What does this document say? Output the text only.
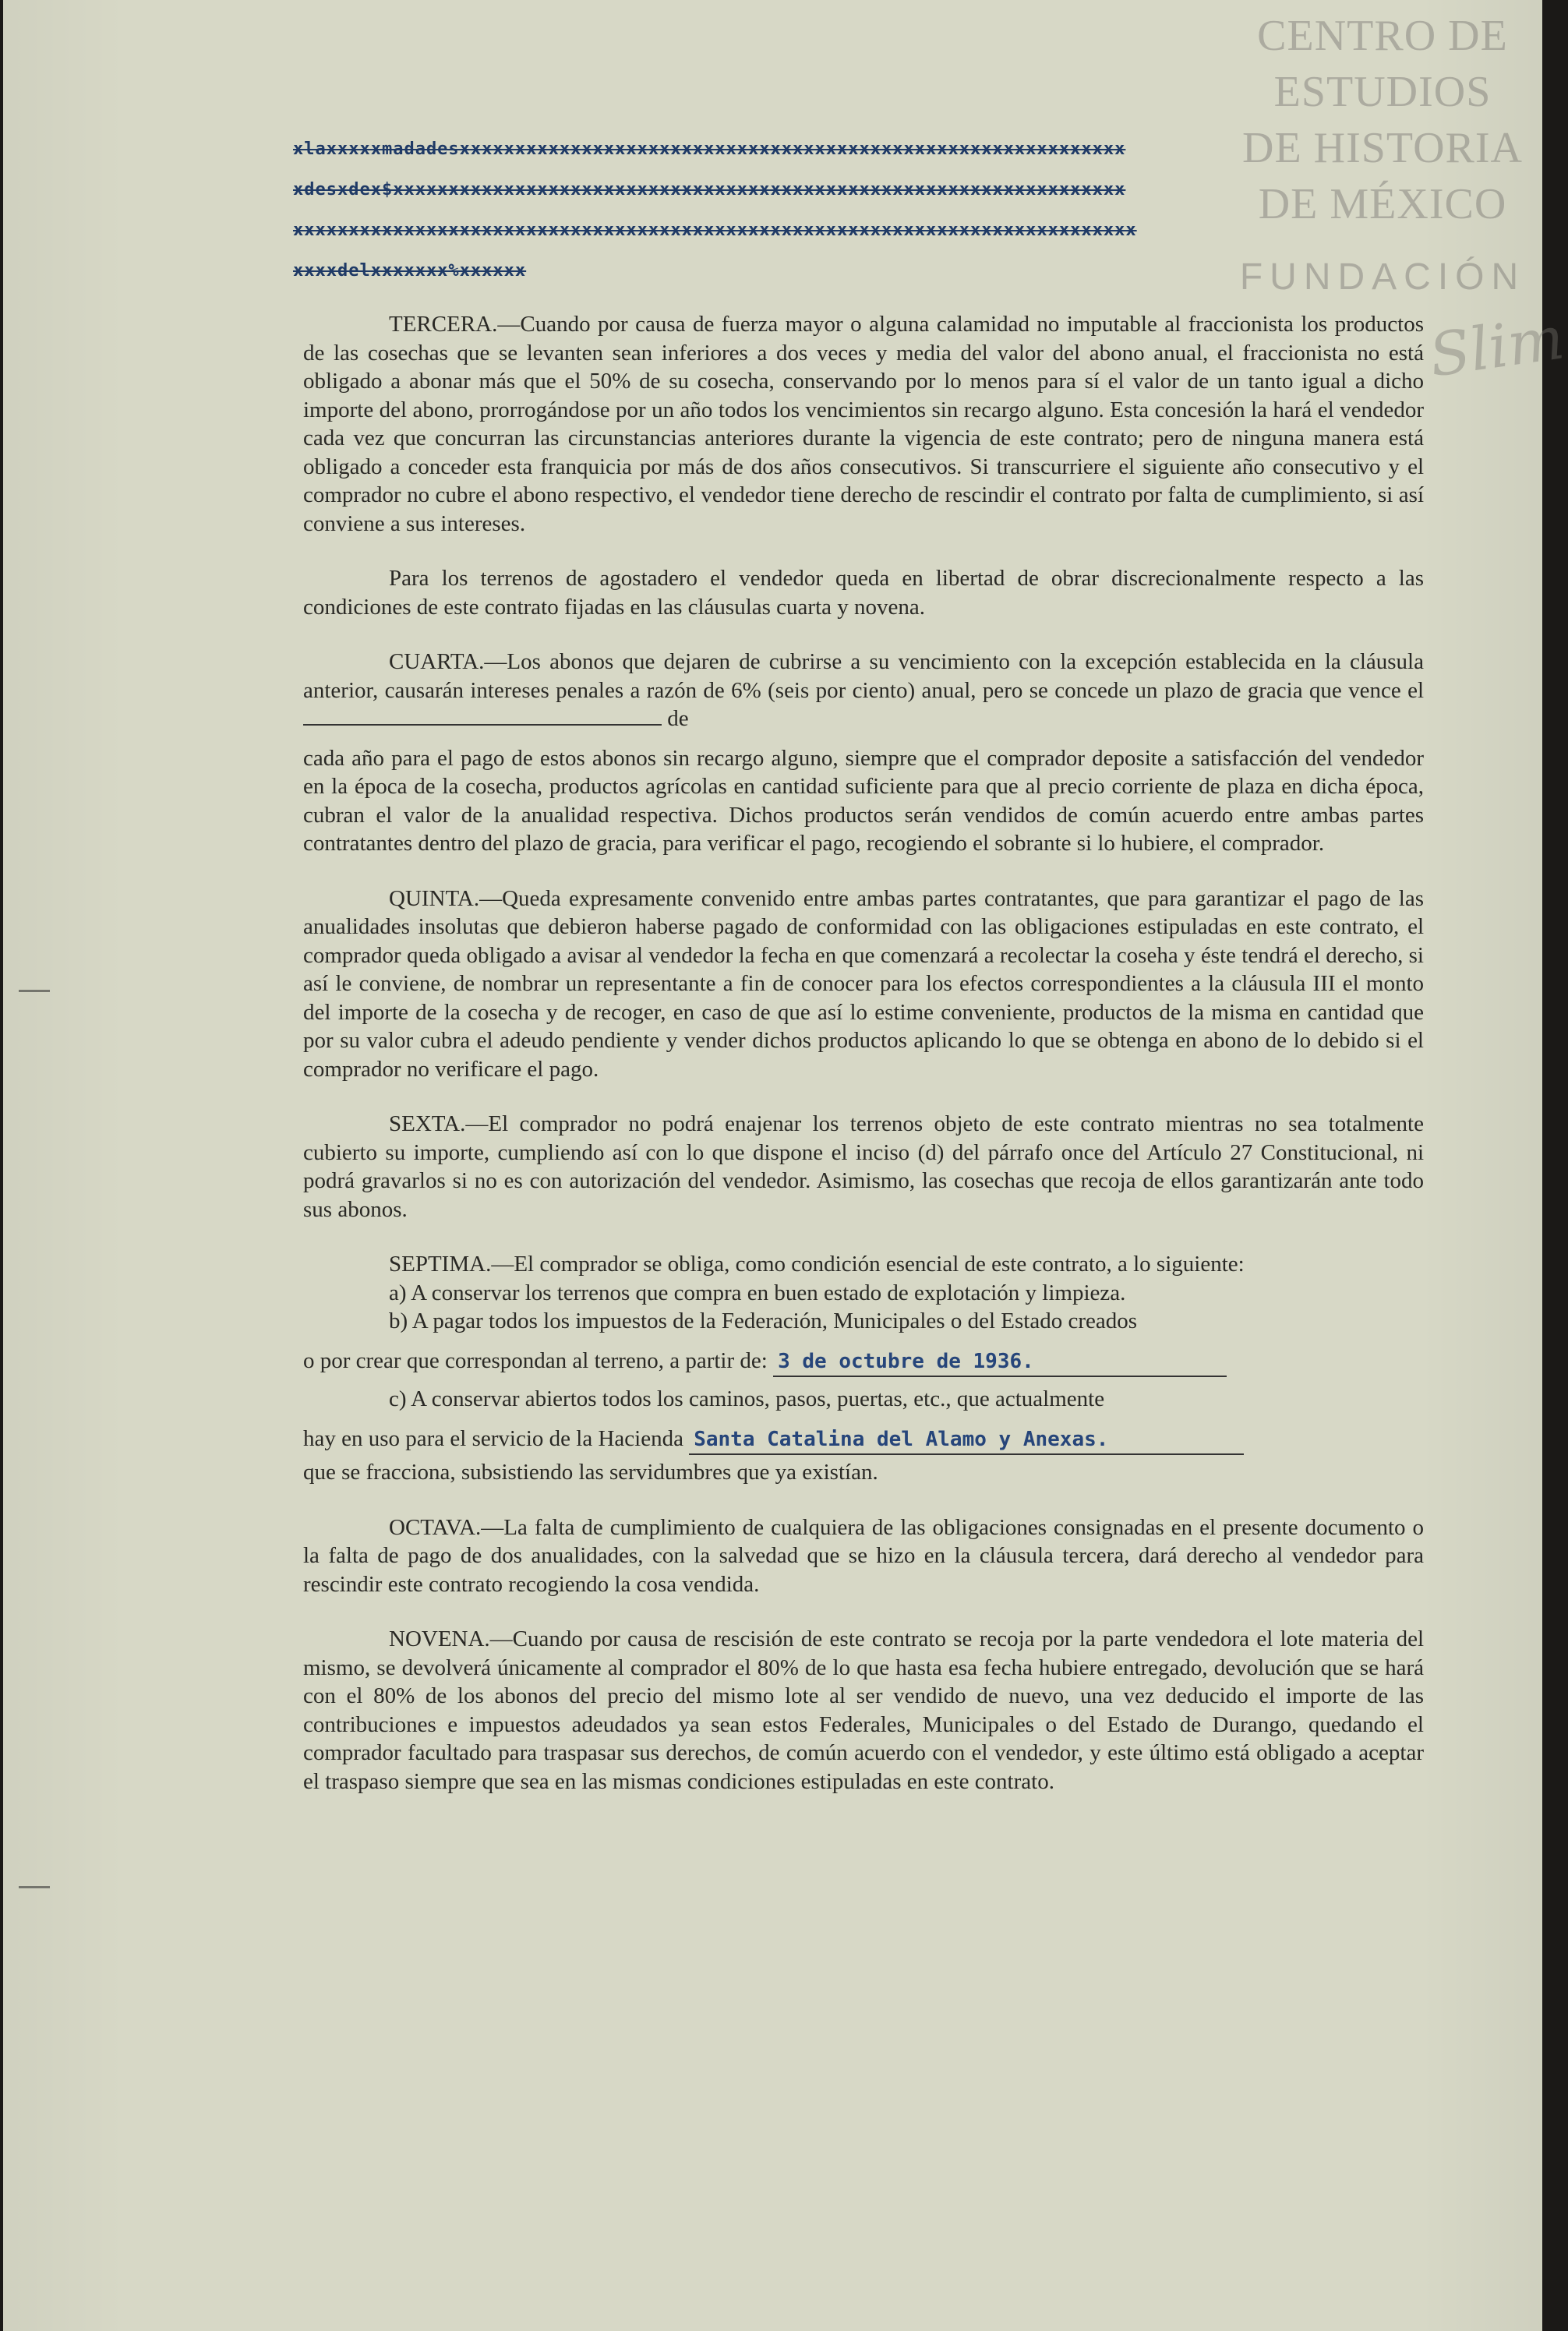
CENTRO DE
ESTUDIOS
DE HISTORIA
DE MÉXICO
FUNDACIÓN
Slim
xlaxxxxxmadadesxxxxxxxxxxxxxxxxxxxxxxxxxxxxxxxxxxxxxxxxxxxxxxxxxxxxxxxxxxxx
xdesxdex$xxxxxxxxxxxxxxxxxxxxxxxxxxxxxxxxxxxxxxxxxxxxxxxxxxxxxxxxxxxxxxxxxx
xxxxxxxxxxxxxxxxxxxxxxxxxxxxxxxxxxxxxxxxxxxxxxxxxxxxxxxxxxxxxxxxxxxxxxxxxxxx
xxxxdelxxxxxxx%xxxxxx

TERCERA.—Cuando por causa de fuerza mayor o alguna calamidad no imputable al fraccionista los productos de las cosechas que se levanten sean inferiores a dos veces y media del valor del abono anual, el fraccionista no está obligado a abonar más que el 50% de su cosecha, conservando por lo menos para sí el valor de un tanto igual a dicho importe del abono, prorrogándose por un año todos los vencimientos sin recargo alguno. Esta concesión la hará el vendedor cada vez que concurran las circunstancias anteriores durante la vigencia de este contrato; pero de ninguna manera está obligado a conceder esta franquicia por más de dos años consecutivos. Si transcurriere el siguiente año consecutivo y el comprador no cubre el abono respectivo, el vendedor tiene derecho de rescindir el contrato por falta de cumplimiento, si así conviene a sus intereses.

Para los terrenos de agostadero el vendedor queda en libertad de obrar discrecionalmente respecto a las condiciones de este contrato fijadas en las cláusulas cuarta y novena.

CUARTA.—Los abonos que dejaren de cubrirse a su vencimiento con la excepción establecida en la cláusula anterior, causarán intereses penales a razón de 6% (seis por ciento) anual, pero se concede un plazo de gracia que vence el  de

cada año para el pago de estos abonos sin recargo alguno, siempre que el comprador deposite a satisfacción del vendedor en la época de la cosecha, productos agrícolas en cantidad suficiente para que al precio corriente de plaza en dicha época, cubran el valor de la anualidad respectiva. Dichos productos serán vendidos de común acuerdo entre ambas partes contratantes dentro del plazo de gracia, para verificar el pago, recogiendo el sobrante si lo hubiere, el comprador.

QUINTA.—Queda expresamente convenido entre ambas partes contratantes, que para garantizar el pago de las anualidades insolutas que debieron haberse pagado de conformidad con las obligaciones estipuladas en este contrato, el comprador queda obligado a avisar al vendedor la fecha en que comenzará a recolectar la coseha y éste tendrá el derecho, si así le conviene, de nombrar un representante a fin de conocer para los efectos correspondientes a la cláusula III el monto del importe de la cosecha y de recoger, en caso de que así lo estime conveniente, productos de la misma en cantidad que por su valor cubra el adeudo pendiente y vender dichos productos aplicando lo que se obtenga en abono de lo debido si el comprador no verificare el pago.

SEXTA.—El comprador no podrá enajenar los terrenos objeto de este contrato mientras no sea totalmente cubierto su importe, cumpliendo así con lo que dispone el inciso (d) del párrafo once del Artículo 27 Constitucional, ni podrá gravarlos si no es con autorización del vendedor. Asimismo, las cosechas que recoja de ellos garantizarán ante todo sus abonos.

SEPTIMA.—El comprador se obliga, como condición esencial de este contrato, a lo siguiente:

a) A conservar los terrenos que compra en buen estado de explotación y limpieza.

b) A pagar todos los impuestos de la Federación, Municipales o del Estado creados

o por crear que correspondan al terreno, a partir de: 3 de octubre de 1936.

c) A conservar abiertos todos los caminos, pasos, puertas, etc., que actualmente

hay en uso para el servicio de la Hacienda Santa Catalina del Alamo y Anexas.

que se fracciona, subsistiendo las servidumbres que ya existían.

OCTAVA.—La falta de cumplimiento de cualquiera de las obligaciones consignadas en el presente documento o la falta de pago de dos anualidades, con la salvedad que se hizo en la cláusula tercera, dará derecho al vendedor para rescindir este contrato recogiendo la cosa vendida.

NOVENA.—Cuando por causa de rescisión de este contrato se recoja por la parte vendedora el lote materia del mismo, se devolverá únicamente al comprador el 80% de lo que hasta esa fecha hubiere entregado, devolución que se hará con el 80% de los abonos del precio del mismo lote al ser vendido de nuevo, una vez deducido el importe de las contribuciones e impuestos adeudados ya sean estos Federales, Municipales o del Estado de Durango, quedando el comprador facultado para traspasar sus derechos, de común acuerdo con el vendedor, y este último está obligado a aceptar el traspaso siempre que sea en las mismas condiciones estipuladas en este contrato.
